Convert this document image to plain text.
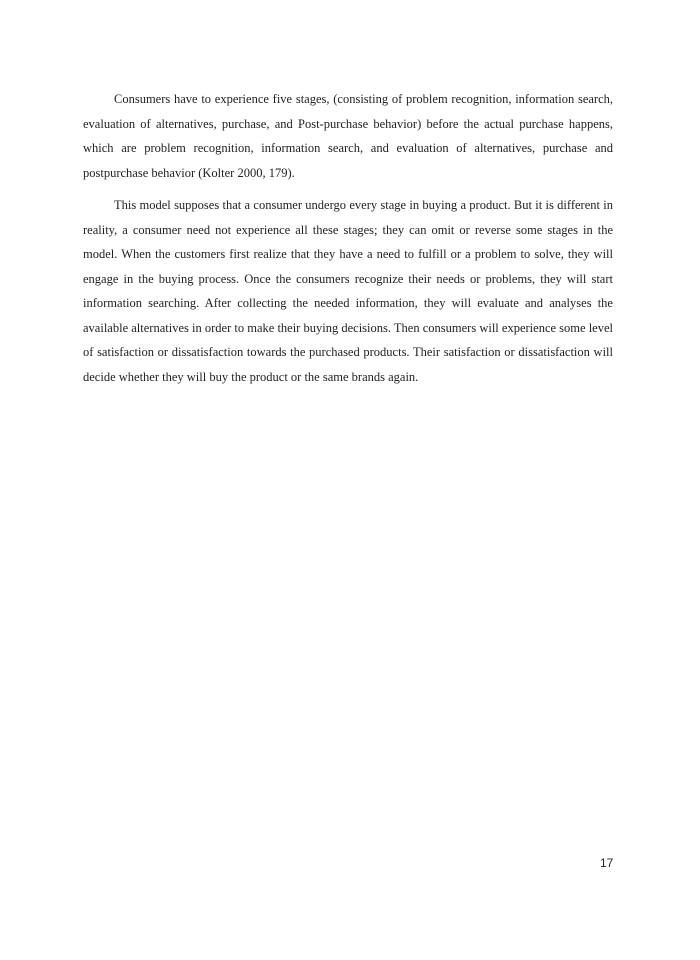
Consumers have to experience five stages, (consisting of problem recognition, information search, evaluation of alternatives, purchase, and Post-purchase behavior) before the actual purchase happens, which are problem recognition, information search, and evaluation of alternatives, purchase and postpurchase behavior (Kolter 2000, 179).

This model supposes that a consumer undergo every stage in buying a product. But it is different in reality, a consumer need not experience all these stages; they can omit or reverse some stages in the model. When the customers first realize that they have a need to fulfill or a problem to solve, they will engage in the buying process. Once the consumers recognize their needs or problems, they will start information searching. After collecting the needed information, they will evaluate and analyses the available alternatives in order to make their buying decisions. Then consumers will experience some level of satisfaction or dissatisfaction towards the purchased products. Their satisfaction or dissatisfaction will decide whether they will buy the product or the same brands again.

17
